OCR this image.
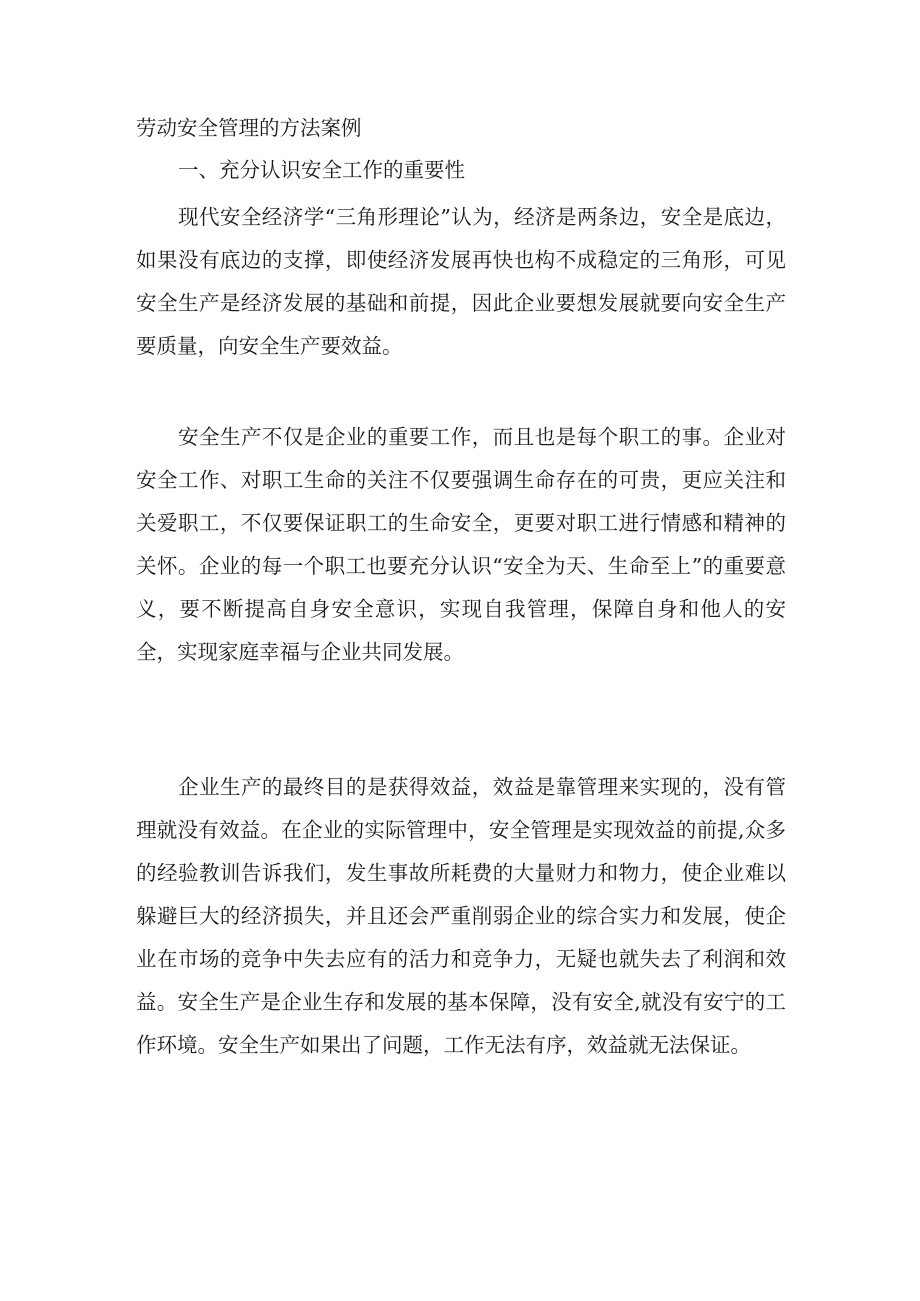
劳动安全管理的方法案例

一、充分认识安全工作的重要性

现代安全经济学“三角形理论”认为，经济是两条边，安全是底边，如果没有底边的支撑，即使经济发展再快也构不成稳定的三角形，可见安全生产是经济发展的基础和前提，因此企业要想发展就要向安全生产要质量，向安全生产要效益。

安全生产不仅是企业的重要工作，而且也是每个职工的事。企业对安全工作、对职工生命的关注不仅要强调生命存在的可贵，更应关注和关爱职工，不仅要保证职工的生命安全，更要对职工进行情感和精神的关怀。企业的每一个职工也要充分认识“安全为天、生命至上”的重要意义，要不断提高自身安全意识，实现自我管理，保障自身和他人的安全，实现家庭幸福与企业共同发展。

企业生产的最终目的是获得效益，效益是靠管理来实现的，没有管理就没有效益。在企业的实际管理中，安全管理是实现效益的前提,众多的经验教训告诉我们，发生事故所耗费的大量财力和物力，使企业难以躲避巨大的经济损失，并且还会严重削弱企业的综合实力和发展，使企业在市场的竞争中失去应有的活力和竞争力，无疑也就失去了利润和效益。安全生产是企业生存和发展的基本保障，没有安全,就没有安宁的工作环境。安全生产如果出了问题，工作无法有序，效益就无法保证。
